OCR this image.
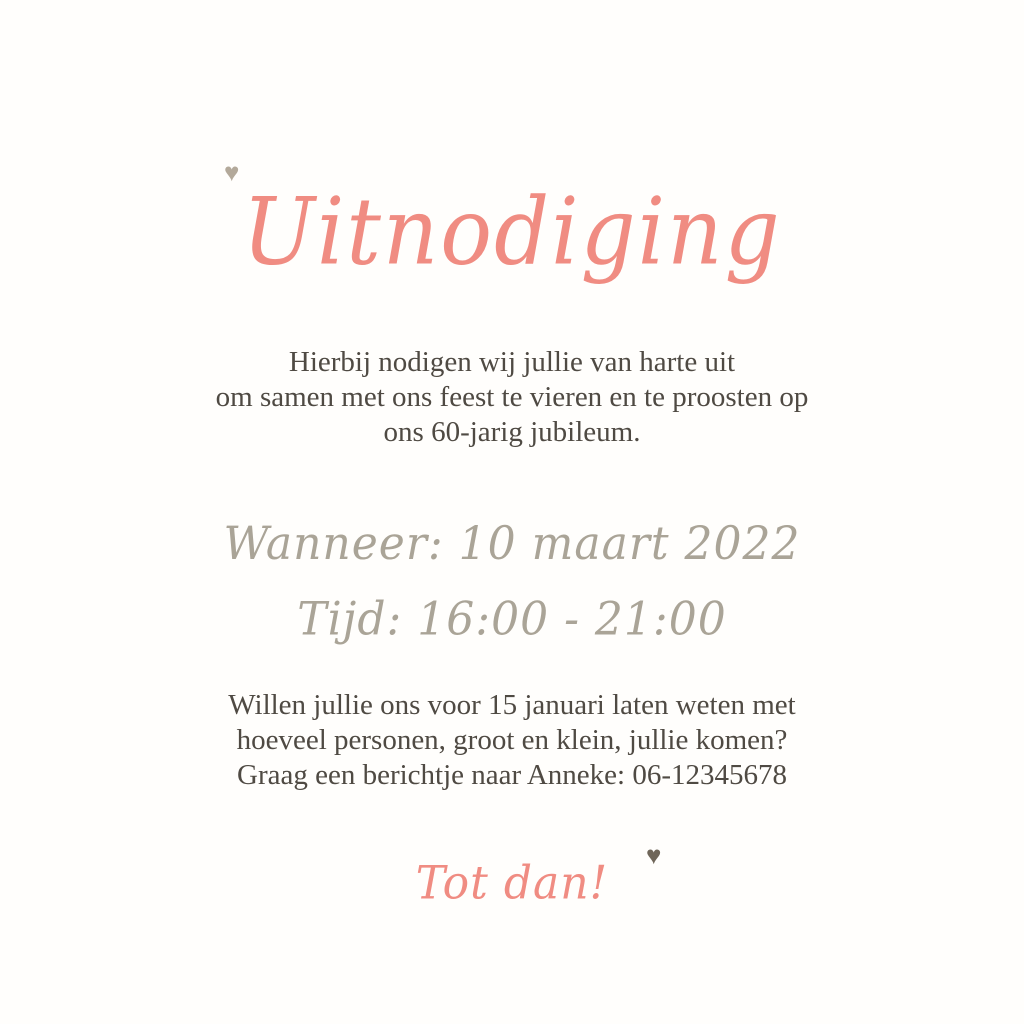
♥
Uitnodiging
Hierbij nodigen wij jullie van harte uit
om samen met ons feest te vieren en te proosten op
ons 60-jarig jubileum.
Wanneer: 10 maart 2022
Tijd: 16:00 - 21:00
Willen jullie ons voor 15 januari laten weten met
hoeveel personen, groot en klein, jullie komen?
Graag een berichtje naar Anneke: 06-12345678
♥
Tot dan!
